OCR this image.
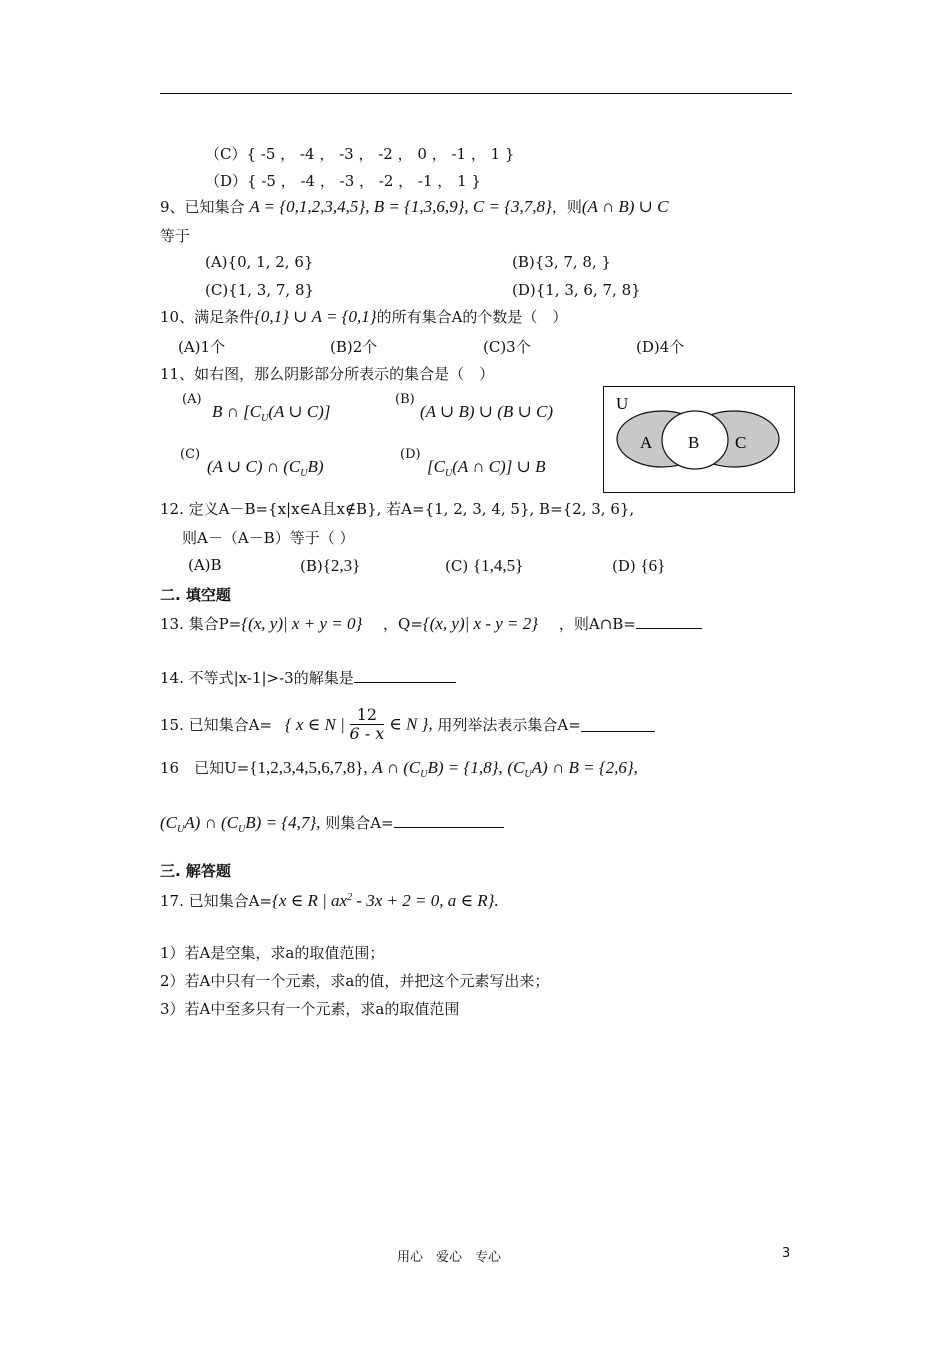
（C）{ -5 ， -4 ， -3 ， -2 ， 0 ， -1 ， 1 }
（D）{ -5 ， -4 ， -3 ， -2 ， -1 ， 1 }
9、已知集合 A = {0,1,2,3,4,5}, B = {1,3,6,9}, C = {3,7,8}，则(A ∩ B) ∪ C
等于
(A){0, 1, 2, 6}	(B){3, 7, 8, }
(C){1, 3, 7, 8}	(D){1, 3, 6, 7, 8}
10、满足条件{0,1} ∪ A = {0,1}的所有集合A的个数是（　）
(A)1个	(B)2个	(C)3个	(D)4个
11、如右图，那么阴影部分所表示的集合是（　）
(A)
B ∩ [$C_U(A$ ∪ C)]
(B)
(A ∪ B) ∪ (B ∪ C)
(C)
(A ∪ C) ∩ $(C_UB)$
(D)
[$C_U(A$ ∩ C)] ∪ B
U
A B C
12. 定义A－B={x|x∈A且x∉B}, 若A={1, 2, 3, 4, 5}, B={2, 3, 6},
则A－（A－B）等于（ ）
(A)B	(B){2,3}	(C) {1,4,5}	(D) {6}
二. 填空题
13. 集合P={(x, y)| x + y = 0} ，Q={(x, y)| x - y = 2} ，则A∩B=
14. 不等式|x-1|>-3的解集是
15. 已知集合A= { x ∈ N | $\frac{12}{6 - x}$ ∈ N }, 用列举法表示集合A=
16　已知U={1,2,3,4,5,6,7,8}, A ∩ $(C_UB) = \{1,8\}$, $(C_UA)$ ∩ B = {2,6},
$(C_UA)$ ∩ $(C_UB) = \{4,7\}$, 则集合A=
三. 解答题
17. 已知集合A={x ∈ R | $ax^2 - 3x + 2 = 0$, a ∈ R}.
1）若A是空集，求a的取值范围；
2）若A中只有一个元素，求a的值，并把这个元素写出来；
3）若A中至多只有一个元素，求a的取值范围
用心　爱心　专心	3
